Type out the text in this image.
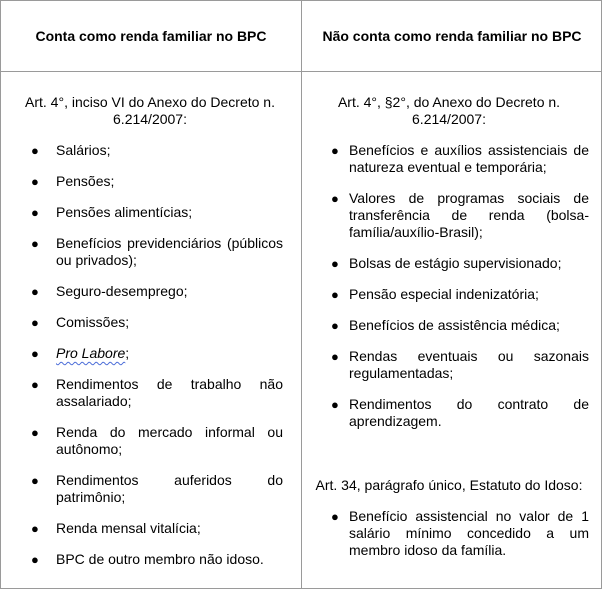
Conta como renda familiar no BPC	Não conta como renda familiar no BPC

Art. 4°, inciso VI do Anexo do Decreto n. 6.214/2007:

● Salários;
● Pensões;
● Pensões alimentícias;
● Benefícios previdenciários (públicos ou privados);
● Seguro-desemprego;
● Comissões;
● Pro Labore;
● Rendimentos de trabalho não assalariado;
● Renda do mercado informal ou autônomo;
● Rendimentos auferidos do patrimônio;
● Renda mensal vitalícia;
● BPC de outro membro não idoso.

Art. 4°, §2°, do Anexo do Decreto n. 6.214/2007:

● Benefícios e auxílios assistenciais de natureza eventual e temporária;
● Valores de programas sociais de transferência de renda (bolsa-família/auxílio-Brasil);
● Bolsas de estágio supervisionado;
● Pensão especial indenizatória;
● Benefícios de assistência médica;
● Rendas eventuais ou sazonais regulamentadas;
● Rendimentos do contrato de aprendizagem.

Art. 34, parágrafo único, Estatuto do Idoso:

● Benefício assistencial no valor de 1 salário mínimo concedido a um membro idoso da família.
